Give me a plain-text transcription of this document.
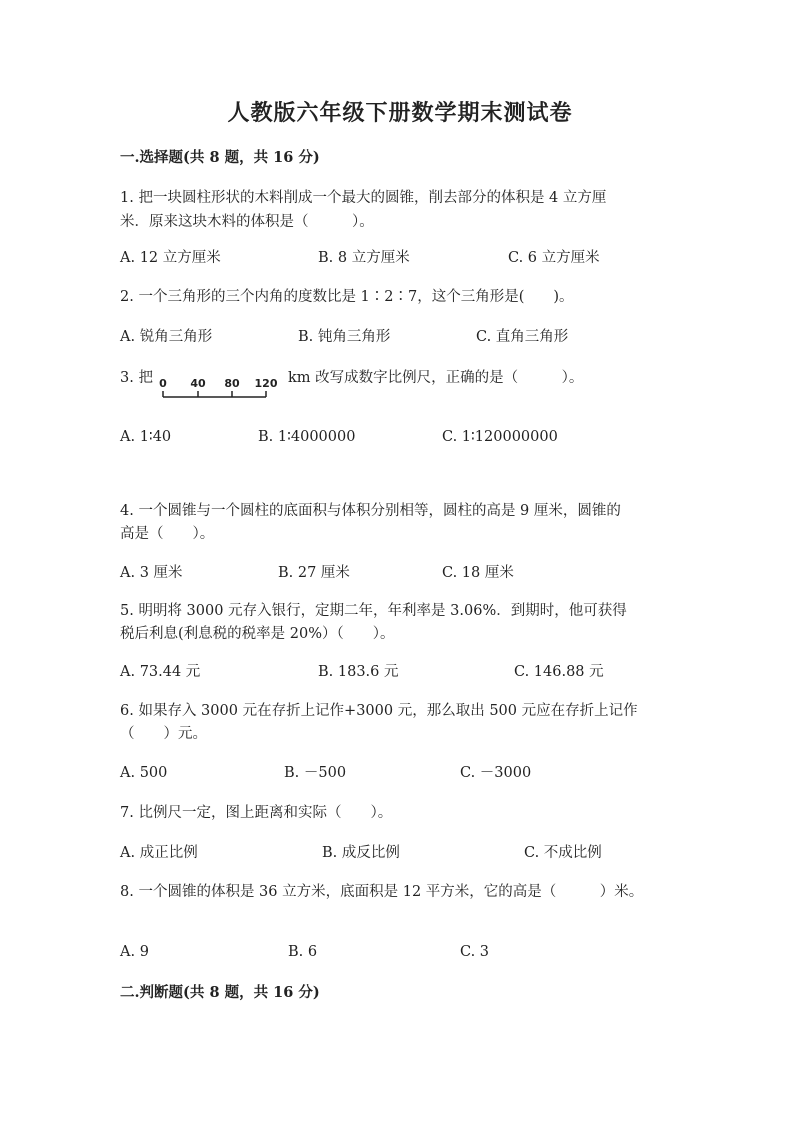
人教版六年级下册数学期末测试卷
一.选择题(共 8 题，共 16 分)
1. 把一块圆柱形状的木料削成一个最大的圆锥，削去部分的体积是 4 立方厘
米．原来这块木料的体积是（　　　）。
A. 12 立方厘米	B. 8 立方厘米	C. 6 立方厘米
2. 一个三角形的三个内角的度数比是 1∶2∶7，这个三角形是(　　)。
A. 锐角三角形	B. 钝角三角形	C. 直角三角形
3. 把 0 40 80 120 km 改写成数字比例尺，正确的是（　　　）。
A. 1∶40	B. 1∶4000000	C. 1∶120000000
4. 一个圆锥与一个圆柱的底面积与体积分别相等，圆柱的高是 9 厘米，圆锥的
高是（　　）。
A. 3 厘米	B. 27 厘米	C. 18 厘米
5. 明明将 3000 元存入银行，定期二年，年利率是 3.06%．到期时，他可获得
税后利息(利息税的税率是 20%）（　　）。
A. 73.44 元	B. 183.6 元	C. 146.88 元
6. 如果存入 3000 元在存折上记作+3000 元，那么取出 500 元应在存折上记作
（　　）元。
A. 500	B. －500	C. －3000
7. 比例尺一定，图上距离和实际（　　）。
A. 成正比例	B. 成反比例	C. 不成比例
8. 一个圆锥的体积是 36 立方米，底面积是 12 平方米，它的高是（　　　）米。
A. 9	B. 6	C. 3
二.判断题(共 8 题，共 16 分)
